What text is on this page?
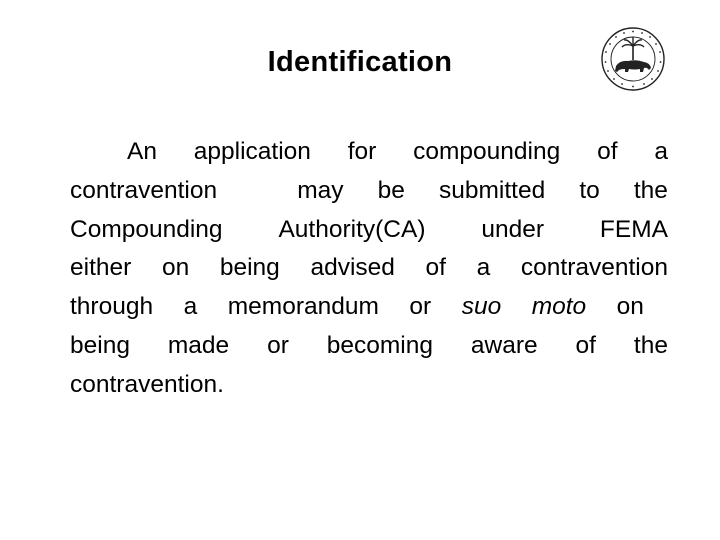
Identification
An application for compounding of a
contravention	may be submitted to the
Compounding Authority(CA) under FEMA
either on being advised of a contravention
through a memorandum or suo moto on
being made or becoming aware of the
contravention.
